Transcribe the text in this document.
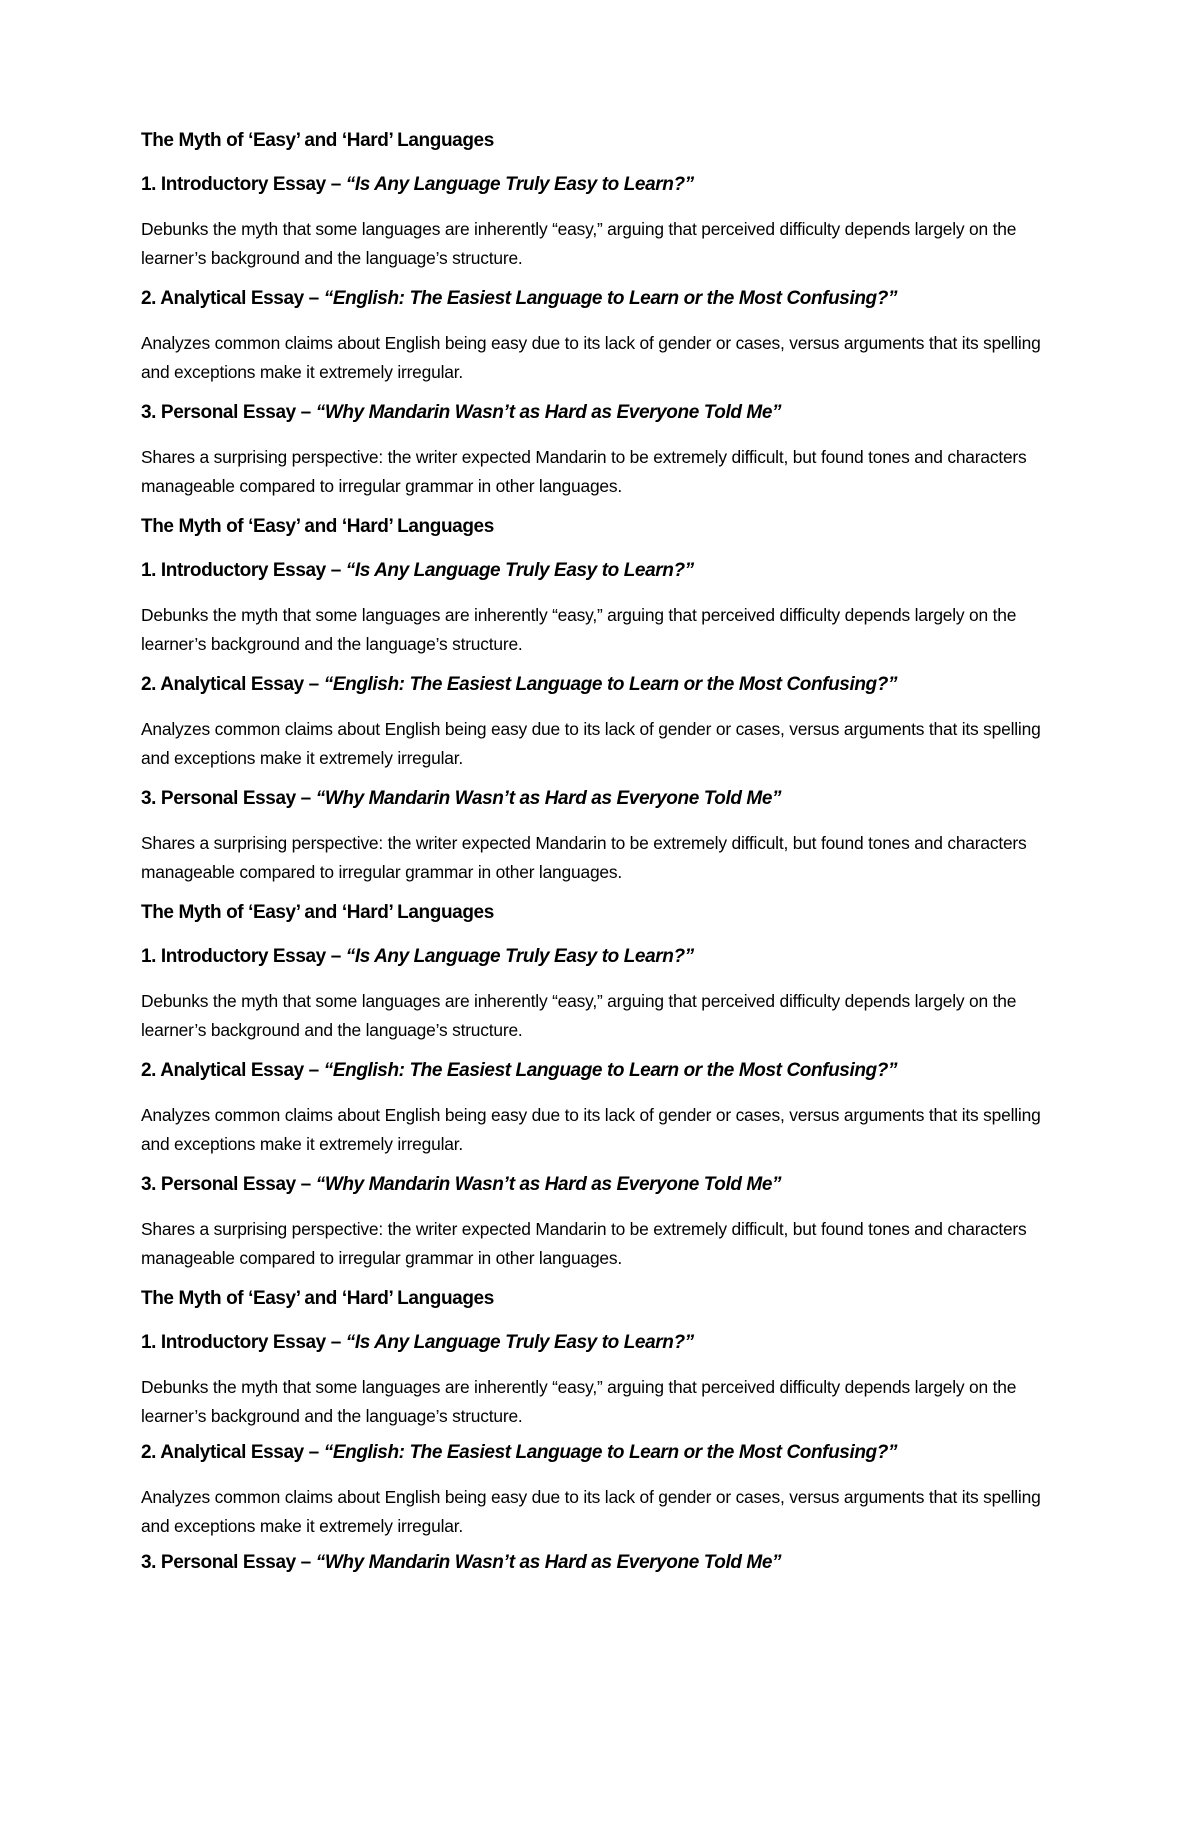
The Myth of ‘Easy’ and ‘Hard’ Languages

1. Introductory Essay – “Is Any Language Truly Easy to Learn?”

Debunks the myth that some languages are inherently “easy,” arguing that perceived difficulty depends largely on the learner’s background and the language’s structure.

2. Analytical Essay – “English: The Easiest Language to Learn or the Most Confusing?”

Analyzes common claims about English being easy due to its lack of gender or cases, versus arguments that its spelling and exceptions make it extremely irregular.

3. Personal Essay – “Why Mandarin Wasn’t as Hard as Everyone Told Me”

Shares a surprising perspective: the writer expected Mandarin to be extremely difficult, but found tones and characters manageable compared to irregular grammar in other languages.

The Myth of ‘Easy’ and ‘Hard’ Languages

1. Introductory Essay – “Is Any Language Truly Easy to Learn?”

Debunks the myth that some languages are inherently “easy,” arguing that perceived difficulty depends largely on the learner’s background and the language’s structure.

2. Analytical Essay – “English: The Easiest Language to Learn or the Most Confusing?”

Analyzes common claims about English being easy due to its lack of gender or cases, versus arguments that its spelling and exceptions make it extremely irregular.

3. Personal Essay – “Why Mandarin Wasn’t as Hard as Everyone Told Me”

Shares a surprising perspective: the writer expected Mandarin to be extremely difficult, but found tones and characters manageable compared to irregular grammar in other languages.

The Myth of ‘Easy’ and ‘Hard’ Languages

1. Introductory Essay – “Is Any Language Truly Easy to Learn?”

Debunks the myth that some languages are inherently “easy,” arguing that perceived difficulty depends largely on the learner’s background and the language’s structure.

2. Analytical Essay – “English: The Easiest Language to Learn or the Most Confusing?”

Analyzes common claims about English being easy due to its lack of gender or cases, versus arguments that its spelling and exceptions make it extremely irregular.

3. Personal Essay – “Why Mandarin Wasn’t as Hard as Everyone Told Me”

Shares a surprising perspective: the writer expected Mandarin to be extremely difficult, but found tones and characters manageable compared to irregular grammar in other languages.

The Myth of ‘Easy’ and ‘Hard’ Languages

1. Introductory Essay – “Is Any Language Truly Easy to Learn?”

Debunks the myth that some languages are inherently “easy,” arguing that perceived difficulty depends largely on the learner’s background and the language’s structure.

2. Analytical Essay – “English: The Easiest Language to Learn or the Most Confusing?”

Analyzes common claims about English being easy due to its lack of gender or cases, versus arguments that its spelling and exceptions make it extremely irregular.

3. Personal Essay – “Why Mandarin Wasn’t as Hard as Everyone Told Me”
